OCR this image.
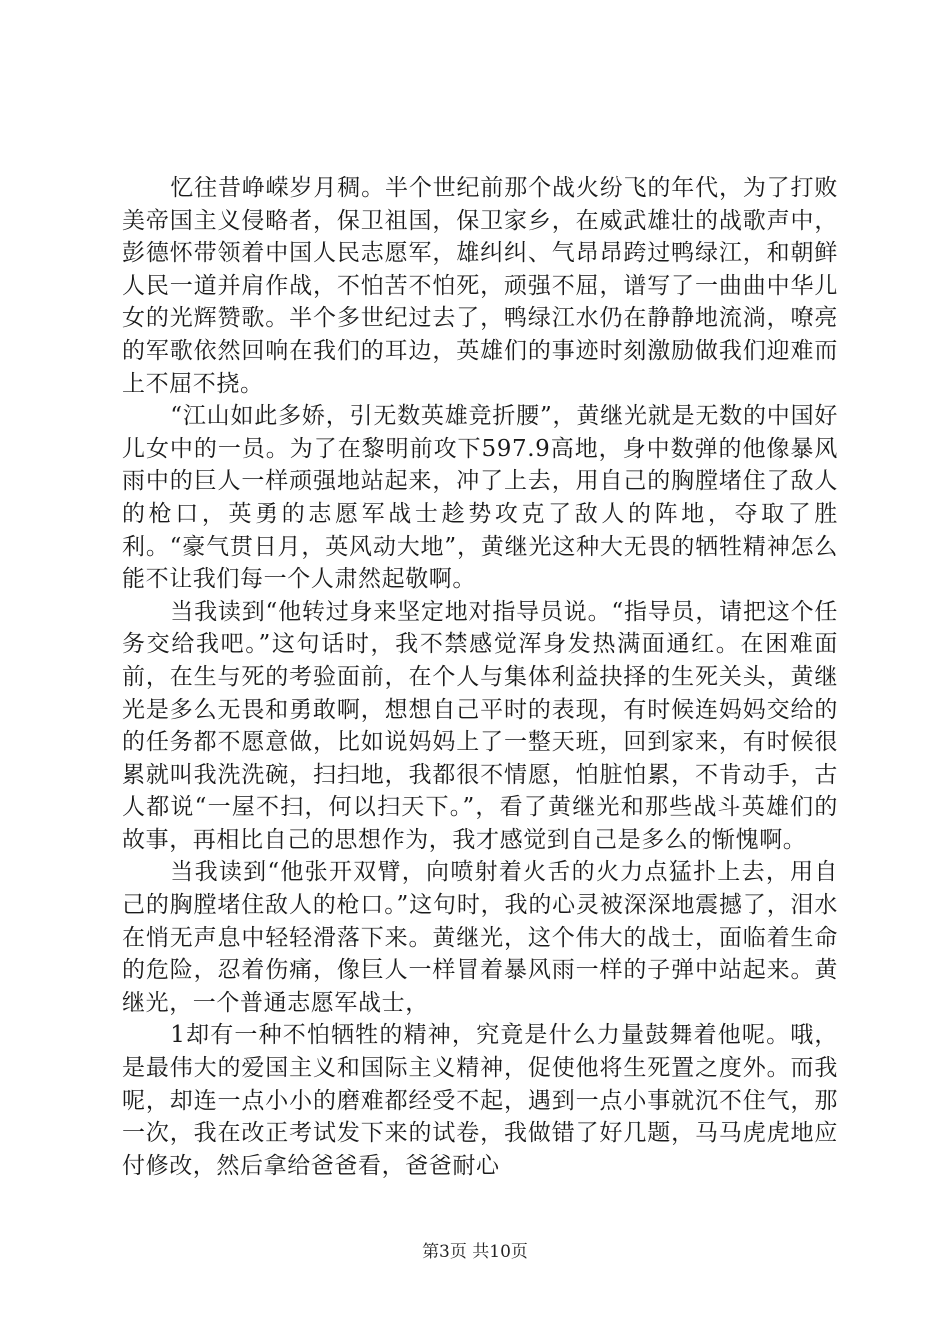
忆往昔峥嵘岁月稠。半个世纪前那个战火纷飞的年代，为了打败美帝国主义侵略者，保卫祖国，保卫家乡，在威武雄壮的战歌声中，彭德怀带领着中国人民志愿军，雄纠纠、气昂昂跨过鸭绿江，和朝鲜人民一道并肩作战，不怕苦不怕死，顽强不屈，谱写了一曲曲中华儿女的光辉赞歌。半个多世纪过去了，鸭绿江水仍在静静地流淌，嘹亮的军歌依然回响在我们的耳边，英雄们的事迹时刻激励做我们迎难而上不屈不挠。

“江山如此多娇，引无数英雄竞折腰”，黄继光就是无数的中国好儿女中的一员。为了在黎明前攻下597.9高地，身中数弹的他像暴风雨中的巨人一样顽强地站起来，冲了上去，用自己的胸膛堵住了敌人的枪口，英勇的志愿军战士趁势攻克了敌人的阵地，夺取了胜利。“豪气贯日月，英风动大地”，黄继光这种大无畏的牺牲精神怎么能不让我们每一个人肃然起敬啊。

当我读到“他转过身来坚定地对指导员说。“指导员，请把这个任务交给我吧。”这句话时，我不禁感觉浑身发热满面通红。在困难面前，在生与死的考验面前，在个人与集体利益抉择的生死关头，黄继光是多么无畏和勇敢啊，想想自己平时的表现，有时候连妈妈交给的的任务都不愿意做，比如说妈妈上了一整天班，回到家来，有时候很累就叫我洗洗碗，扫扫地，我都很不情愿，怕脏怕累，不肯动手，古人都说“一屋不扫，何以扫天下。”，看了黄继光和那些战斗英雄们的故事，再相比自己的思想作为，我才感觉到自己是多么的惭愧啊。

当我读到“他张开双臂，向喷射着火舌的火力点猛扑上去，用自己的胸膛堵住敌人的枪口。”这句时，我的心灵被深深地震撼了，泪水在悄无声息中轻轻滑落下来。黄继光，这个伟大的战士，面临着生命的危险，忍着伤痛，像巨人一样冒着暴风雨一样的子弹中站起来。黄继光，一个普通志愿军战士，

1却有一种不怕牺牲的精神，究竟是什么力量鼓舞着他呢。哦，是最伟大的爱国主义和国际主义精神，促使他将生死置之度外。而我呢，却连一点小小的磨难都经受不起，遇到一点小事就沉不住气，那一次，我在改正考试发下来的试卷，我做错了好几题，马马虎虎地应付修改，然后拿给爸爸看，爸爸耐心

第3页 共10页
